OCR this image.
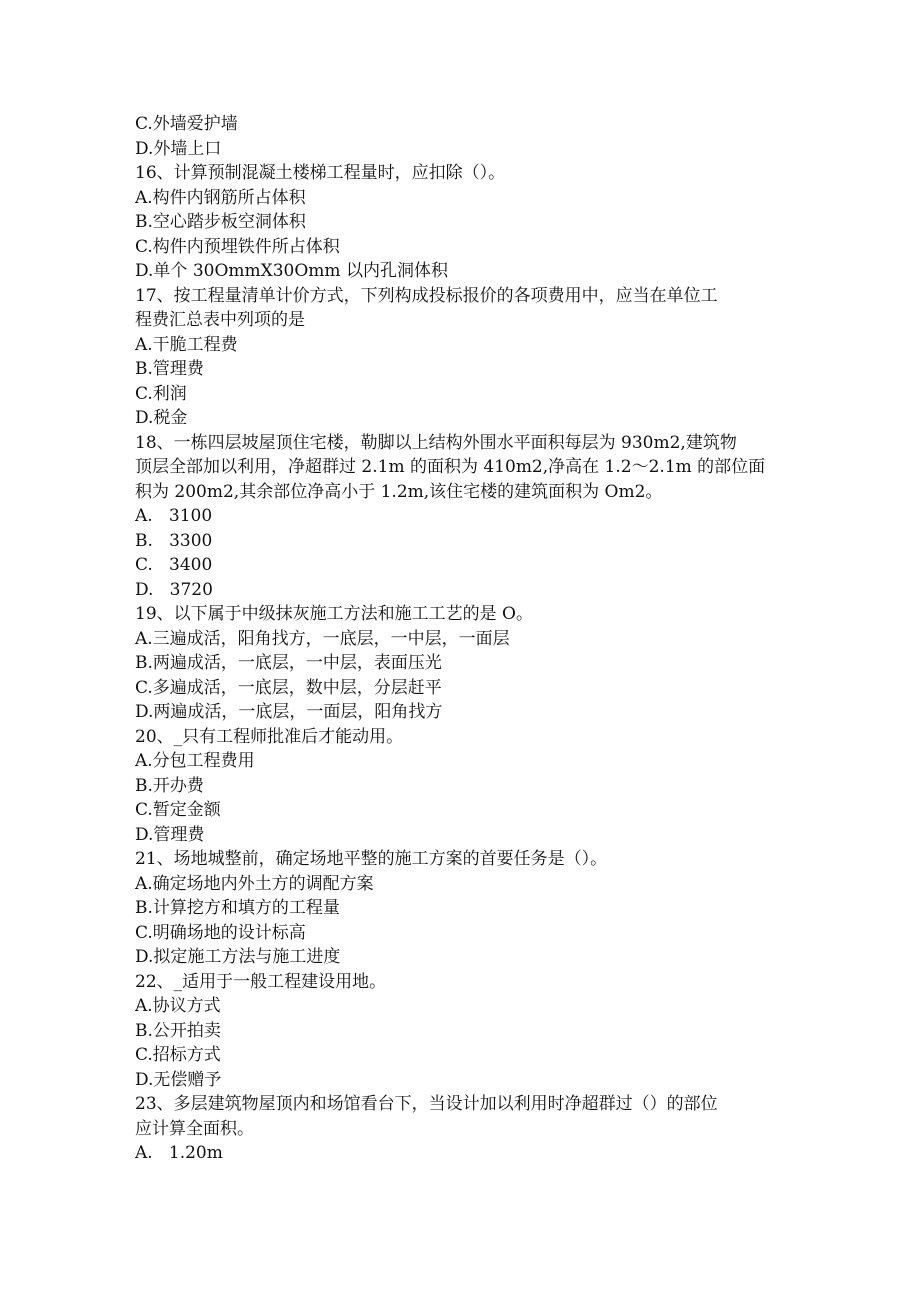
C.外墙爱护墙
D.外墙上口
16、计算预制混凝土楼梯工程量时，应扣除（）。
A.构件内钢筋所占体积
B.空心踏步板空洞体积
C.构件内预埋铁件所占体积
D.单个 30OmmX30Omm 以内孔洞体积
17、按工程量清单计价方式，下列构成投标报价的各项费用中，应当在单位工
程费汇总表中列项的是
A.干脆工程费
B.管理费
C.利润
D.税金
18、一栋四层坡屋顶住宅楼，勒脚以上结构外围水平面积每层为 930m2,建筑物
顶层全部加以利用，净超群过 2.1m 的面积为 410m2,净高在 1.2～2.1m 的部位面
积为 200m2,其余部位净高小于 1.2m,该住宅楼的建筑面积为 Om2。
A.   3100
B.   3300
C.   3400
D.   3720
19、以下属于中级抹灰施工方法和施工工艺的是 O。
A.三遍成活，阳角找方，一底层，一中层，一面层
B.两遍成活，一底层，一中层，表面压光
C.多遍成活，一底层，数中层，分层赶平
D.两遍成活，一底层，一面层，阳角找方
20、_只有工程师批准后才能动用。
A.分包工程费用
B.开办费
C.暂定金额
D.管理费
21、场地城整前，确定场地平整的施工方案的首要任务是（）。
A.确定场地内外土方的调配方案
B.计算挖方和填方的工程量
C.明确场地的设计标高
D.拟定施工方法与施工进度
22、_适用于一般工程建设用地。
A.协议方式
B.公开拍卖
C.招标方式
D.无偿赠予
23、多层建筑物屋顶内和场馆看台下，当设计加以利用时净超群过（）的部位
应计算全面积。
A.   1.20m
